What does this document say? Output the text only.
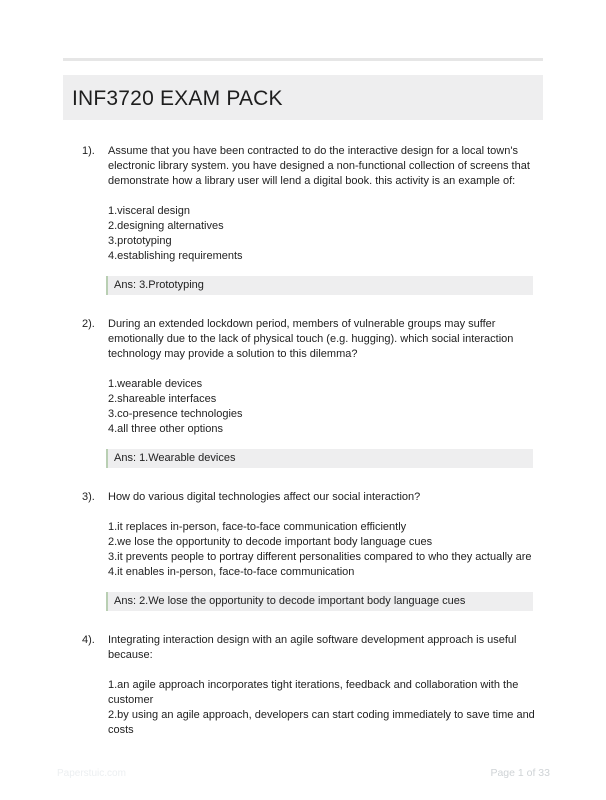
INF3720 EXAM PACK
1).	Assume that you have been contracted to do the interactive design for a local town's electronic library system. you have designed a non-functional collection of screens that demonstrate how a library user will lend a digital book. this activity is an example of:

1.visceral design
2.designing alternatives
3.prototyping
4.establishing requirements
Ans: 3.Prototyping
2).	During an extended lockdown period, members of vulnerable groups may suffer emotionally due to the lack of physical touch (e.g. hugging). which social interaction technology may provide a solution to this dilemma?

1.wearable devices
2.shareable interfaces
3.co-presence technologies
4.all three other options
Ans: 1.Wearable devices
3).	How do various digital technologies affect our social interaction?

1.it replaces in-person, face-to-face communication efficiently
2.we lose the opportunity to decode important body language cues
3.it prevents people to portray different personalities compared to who they actually are
4.it enables in-person, face-to-face communication
Ans: 2.We lose the opportunity to decode important body language cues
4).	Integrating interaction design with an agile software development approach is useful because:

1.an agile approach incorporates tight iterations, feedback and collaboration with the customer
2.by using an agile approach, developers can start coding immediately to save time and costs
Paperstuic.com	Page 1 of 33
